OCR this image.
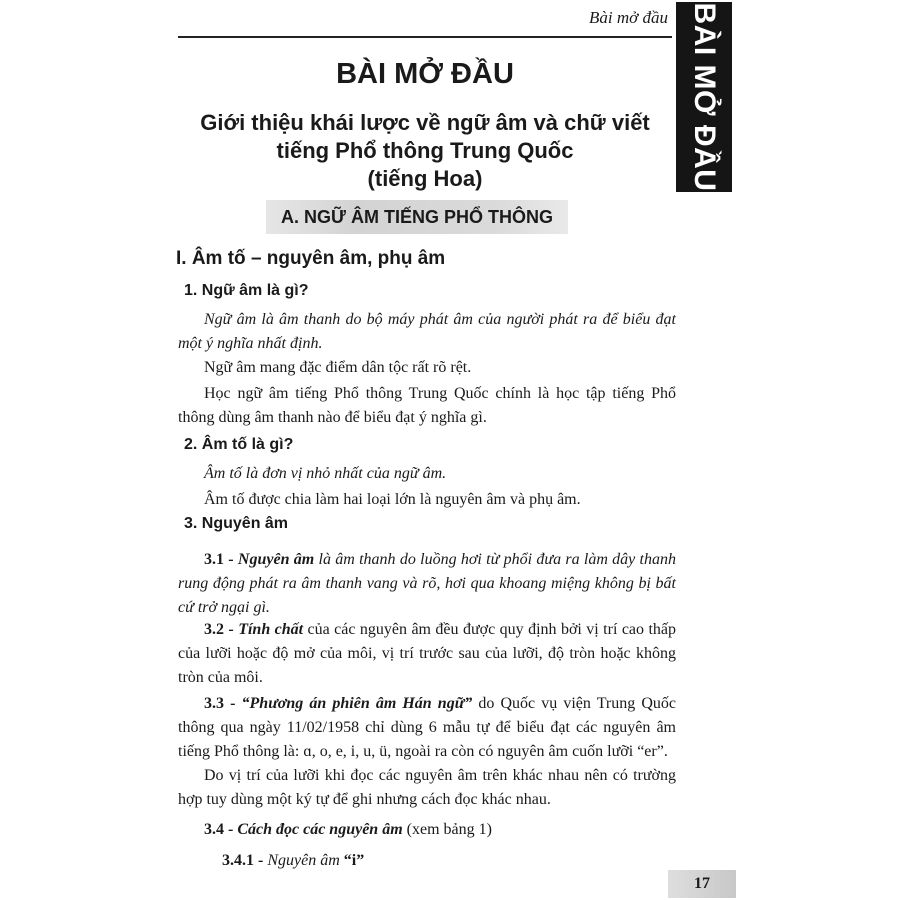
Bài mở đầu BÀI MỞ ĐẦU
BÀI MỞ ĐẦU
Giới thiệu khái lược về ngữ âm và chữ viết
tiếng Phổ thông Trung Quốc
(tiếng Hoa)
A. NGỮ ÂM TIẾNG PHỔ THÔNG
I. Âm tố – nguyên âm, phụ âm
1. Ngữ âm là gì?
Ngữ âm là âm thanh do bộ máy phát âm của người phát ra để biểu đạt một ý nghĩa nhất định.
Ngữ âm mang đặc điểm dân tộc rất rõ rệt.
Học ngữ âm tiếng Phổ thông Trung Quốc chính là học tập tiếng Phổ thông dùng âm thanh nào để biểu đạt ý nghĩa gì.
2. Âm tố là gì?
Âm tố là đơn vị nhỏ nhất của ngữ âm.
Âm tố được chia làm hai loại lớn là nguyên âm và phụ âm.
3. Nguyên âm
3.1 - Nguyên âm là âm thanh do luồng hơi từ phổi đưa ra làm dây thanh rung động phát ra âm thanh vang và rõ, hơi qua khoang miệng không bị bất cứ trở ngại gì.
3.2 - Tính chất của các nguyên âm đều được quy định bởi vị trí cao thấp của lưỡi hoặc độ mở của môi, vị trí trước sau của lưỡi, độ tròn hoặc không tròn của môi.
3.3 - “Phương án phiên âm Hán ngữ” do Quốc vụ viện Trung Quốc thông qua ngày 11/02/1958 chỉ dùng 6 mẫu tự để biểu đạt các nguyên âm tiếng Phổ thông là: ɑ, o, e, i, u, ü, ngoài ra còn có nguyên âm cuốn lưỡi “er”.
Do vị trí của lưỡi khi đọc các nguyên âm trên khác nhau nên có trường hợp tuy dùng một ký tự để ghi nhưng cách đọc khác nhau.
3.4 - Cách đọc các nguyên âm (xem bảng 1)
3.4.1 - Nguyên âm “i”
17
